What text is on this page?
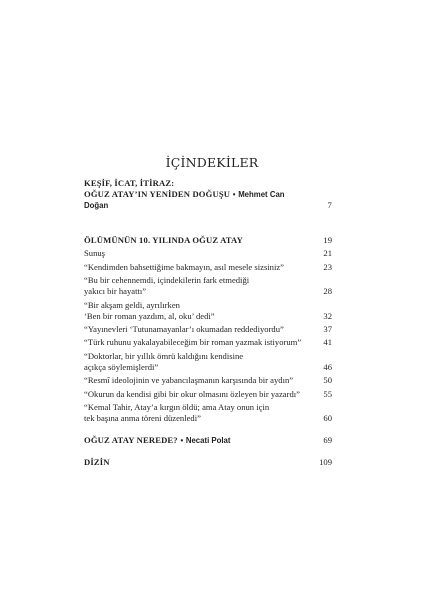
İÇİNDEKİLER
KEŞİF, İCAT, İTİRAZ:
OĞUZ ATAY’IN YENİDEN DOĞUŞU • Mehmet Can Doğan	7
ÖLÜMÜNÜN 10. YILINDA OĞUZ ATAY	19
Sunuş	21
“Kendimden bahsettiğime bakmayın, asıl mesele sizsiniz”	23
“Bu bir cehennemdi, içindekilerin fark etmediği
yakıcı bir hayattı”	28
“Bir akşam geldi, ayrılırken
‘Ben bir roman yazdım, al, oku’ dedi”	32
“Yayınevleri ‘Tutunamayanlar’ı okumadan reddediyordu”	37
“Türk ruhunu yakalayabileceğim bir roman yazmak istiyorum”	41
“Doktorlar, bir yıllık ömrü kaldığını kendisine
açıkça söylemişlerdi”	46
“Resmî ideolojinin ve yabancılaşmanın karşısında bir aydın”	50
“Okurun da kendisi gibi bir okur olmasını özleyen bir yazardı”	55
“Kemal Tahir, Atay’a kırgın öldü; ama Atay onun için
tek başına anma töreni düzenledi”	60
OĞUZ ATAY NEREDE? • Necati Polat	69
DİZİN	109
